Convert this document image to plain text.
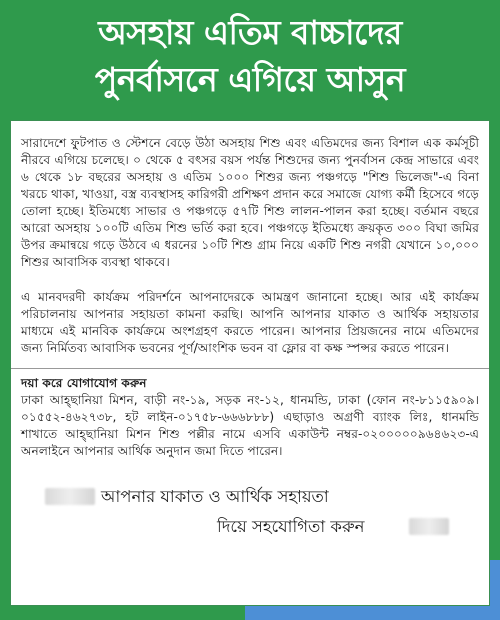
অসহায় এতিম বাচ্চাদের
পুনর্বাসনে এগিয়ে আসুন

সারাদেশে ফুটপাত ও স্টেশনে বেড়ে উঠা অসহায় শিশু এবং এতিমদের জন্য বিশাল এক কর্মসূচী নীরবে এগিয়ে চলেছে। ০ থেকে ৫ বৎসর বয়স পর্যন্ত শিশুদের জন্য পুনর্বাসন কেন্দ্র সাভারে এবং ৬ থেকে ১৮ বছরের অসহায় ও এতিম ১০০০ শিশুর জন্য পঞ্চগড়ে "শিশু ভিলেজ"-এ বিনা খরচে থাকা, খাওয়া, বস্ত্র ব্যবস্থাসহ কারিগরী প্রশিক্ষণ প্রদান করে সমাজে যোগ্য কর্মী হিসেবে গড়ে তোলা হচ্ছে। ইতিমধ্যে সাভার ও পঞ্চগড়ে ৫৭টি শিশু লালন-পালন করা হচ্ছে। বর্তমান বছরে আরো অসহায় ১০০টি এতিম শিশু ভর্তি করা হবে। পঞ্চগড়ে ইতিমধ্যে ক্রয়কৃত ৩০০ বিঘা জমির উপর ক্রমান্বয়ে গড়ে উঠবে এ ধরনের ১০টি শিশু গ্রাম নিয়ে একটি শিশু নগরী যেখানে ১০,০০০ শিশুর আবাসিক ব্যবস্থা থাকবে।

এ মানবদরদী কার্যক্রম পরিদর্শনে আপনাদেরকে আমন্ত্রণ জানানো হচ্ছে। আর এই কার্যক্রম পরিচালনায় আপনার সহায়তা কামনা করছি। আপনি আপনার যাকাত ও আর্থিক সহায়তার মাধ্যমে এই মানবিক কার্যক্রমে অংশগ্রহণ করতে পারেন। আপনার প্রিয়জনের নামে এতিমদের জন্য নির্মিতব্য আবাসিক ভবনের পূর্ণ/আংশিক ভবন বা ফ্লোর বা কক্ষ স্পন্সর করতে পারেন।

দয়া করে যোগাযোগ করুন
ঢাকা আহ্ছানিয়া মিশন, বাড়ী নং-১৯, সড়ক নং-১২, ধানমন্ডি, ঢাকা (ফোন নং-৮১১৫৯০৯। ০১৫৫২-৪৬২৭৩৮, হট লাইন-০১৭৫৮-৬৬৬৮৮৮) এছাড়াও অগ্রণী ব্যাংক লিঃ, ধানমন্ডি শাখাতে আহ্ছানিয়া মিশন শিশু পল্লীর নামে এসবি একাউন্ট নম্বর-০২০০০০০৯৬৪৬২৩-এ অনলাইনে আপনার আর্থিক অনুদান জমা দিতে পারেন।
আপনার যাকাত ও আর্থিক সহায়তা
দিয়ে সহযোগিতা করুন
